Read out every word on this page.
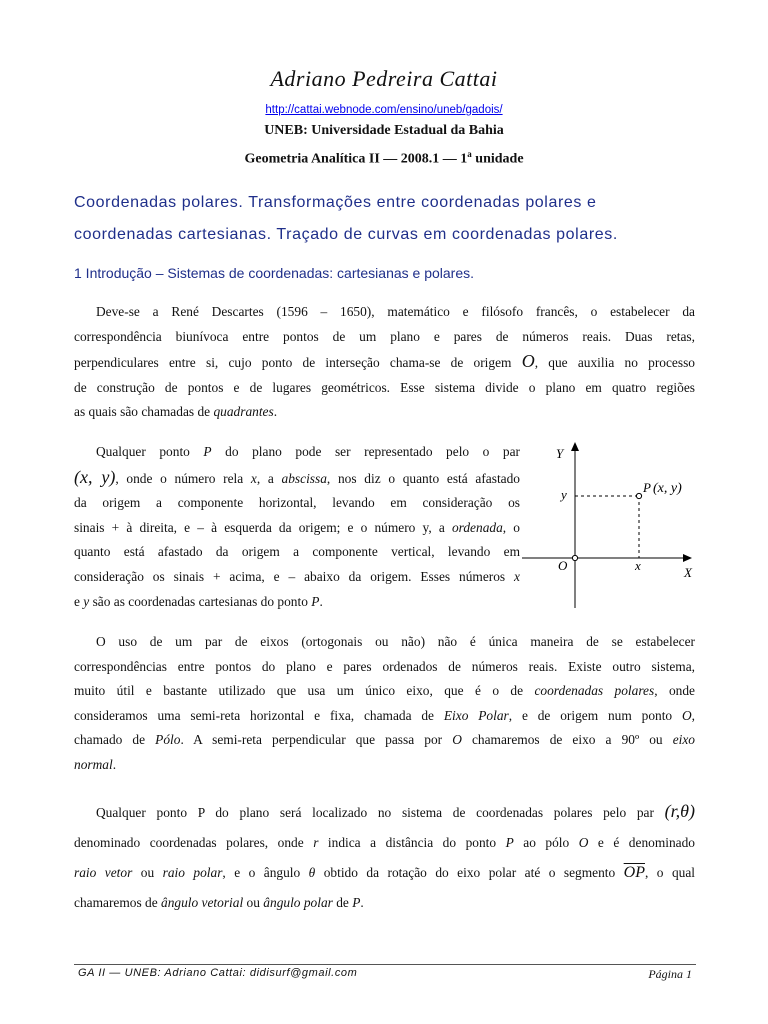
Adriano Pedreira Cattai
http://cattai.webnode.com/ensino/uneb/gadois/
UNEB: Universidade Estadual da Bahia
Geometria Analítica II — 2008.1 — 1$^a$ unidade
Coordenadas polares. Transformações entre coordenadas polares e
coordenadas cartesianas. Traçado de curvas em coordenadas polares.
1 Introdução – Sistemas de coordenadas: cartesianas e polares.
Deve-se a René Descartes (1596 – 1650), matemático e filósofo francês, o estabelecer da
correspondência biunívoca entre pontos de um plano e pares de números reais. Duas retas,
perpendiculares entre si, cujo ponto de interseção chama-se de origem O, que auxilia no processo
de construção de pontos e de lugares geométricos. Esse sistema divide o plano em quatro regiões
as quais são chamadas de quadrantes.
Qualquer ponto P do plano pode ser representado pelo o par
(x, y), onde o número rela x, a abscissa, nos diz o quanto está afastado
da origem a componente horizontal, levando em consideração os
sinais + à direita, e – à esquerda da origem; e o número y, a ordenada, o
quanto está afastado da origem a componente vertical, levando em
consideração os sinais + acima, e – abaixo da origem. Esses números x
e y são as coordenadas cartesianas do ponto P.
Y
X
O
y
x
P (x, y)
O uso de um par de eixos (ortogonais ou não) não é única maneira de se estabelecer
correspondências entre pontos do plano e pares ordenados de números reais. Existe outro sistema,
muito útil e bastante utilizado que usa um único eixo, que é o de coordenadas polares, onde
consideramos uma semi-reta horizontal e fixa, chamada de Eixo Polar, e de origem num ponto O,
chamado de Pólo. A semi-reta perpendicular que passa por O chamaremos de eixo a 90º ou eixo
normal.
Qualquer ponto P do plano será localizado no sistema de coordenadas polares pelo par (r,θ)
denominado coordenadas polares, onde r indica a distância do ponto P ao pólo O e é denominado
raio vetor ou raio polar, e o ângulo θ obtido da rotação do eixo polar até o segmento $\overline{OP}$, o qual
chamaremos de ângulo vetorial ou ângulo polar de P.
GA II — UNEB: Adriano Cattai: didisurf@gmail.com	Página 1
